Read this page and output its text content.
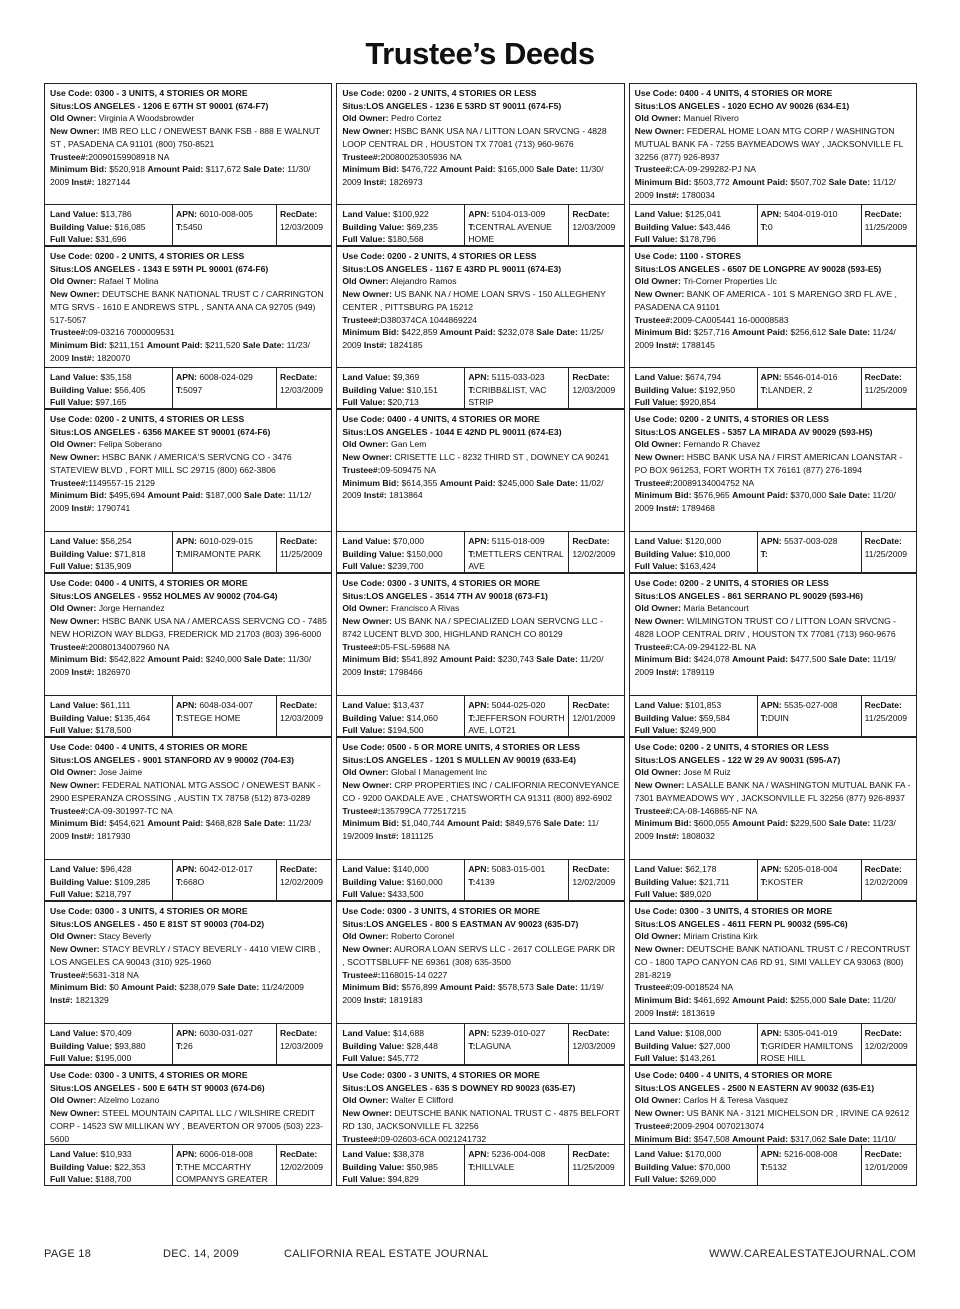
Trustee’s Deeds
Use Code: 0300 - 3 UNITS, 4 STORIES OR MORE
Situs:LOS ANGELES - 1206 E 67TH ST 90001 (674-F7)
Old Owner: Virginia A Woodsbrowder
New Owner: IMB REO LLC / ONEWEST BANK FSB - 888 E WALNUT ST , PASADENA CA 91101 (800) 750-8521
Trustee#:20090159908918 NA
Minimum Bid: $520,918 Amount Paid: $117,672 Sale Date: 11/30/ 2009 Inst#: 1827144
Land Value: $13,786
Building Value: $16,085
Full Value: $31,696
APN: 6010-008-005
T:5450
RecDate:
12/03/2009
Use Code: 0200 - 2 UNITS, 4 STORIES OR LESS
Situs:LOS ANGELES - 1343 E 59TH PL 90001 (674-F6)
Old Owner: Rafael T Molina
New Owner: DEUTSCHE BANK NATIONAL TRUST C / CARRINGTON MTG SRVS - 1610 E ANDREWS STPL , SANTA ANA CA 92705 (949) 517-5057
Trustee#:09-03216 7000009531
Minimum Bid: $211,151 Amount Paid: $211,520 Sale Date: 11/23/ 2009 Inst#: 1820070
Land Value: $35,158
Building Value: $56,405
Full Value: $97,165
APN: 6008-024-029
T:5097
RecDate:
12/03/2009
Use Code: 0200 - 2 UNITS, 4 STORIES OR LESS
Situs:LOS ANGELES - 6356 MAKEE ST 90001 (674-F6)
Old Owner: Felipa Soberano
New Owner: HSBC BANK / AMERICA'S SERVCNG CO - 3476 STATEVIEW BLVD , FORT MILL SC 29715 (800) 662-3806
Trustee#:1149557-15 2129
Minimum Bid: $495,694 Amount Paid: $187,000 Sale Date: 11/12/ 2009 Inst#: 1790741
Land Value: $56,254
Building Value: $71,818
Full Value: $135,909
APN: 6010-029-015
T:MIRAMONTE PARK
RecDate:
11/25/2009
Use Code: 0400 - 4 UNITS, 4 STORIES OR MORE
Situs:LOS ANGELES - 9552 HOLMES AV 90002 (704-G4)
Old Owner: Jorge Hernandez
New Owner: HSBC BANK USA NA / AMERCASS SERVCNG CO - 7485 NEW HORIZON WAY BLDG3, FREDERICK MD 21703 (803) 396-6000
Trustee#:20080134007960 NA
Minimum Bid: $542,822 Amount Paid: $240,000 Sale Date: 11/30/ 2009 Inst#: 1826970
Land Value: $61,111
Building Value: $135,464
Full Value: $178,500
APN: 6048-034-007
T:STEGE HOME
RecDate:
12/03/2009
Use Code: 0400 - 4 UNITS, 4 STORIES OR MORE
Situs:LOS ANGELES - 9001 STANFORD AV 9 90002 (704-E3)
Old Owner: Jose Jaime
New Owner: FEDERAL NATIONAL MTG ASSOC / ONEWEST BANK - 2900 ESPERANZA CROSSING , AUSTIN TX 78758 (512) 873-0289
Trustee#:CA-09-301997-TC NA
Minimum Bid: $454,621 Amount Paid: $468,828 Sale Date: 11/23/ 2009 Inst#: 1817930
Land Value: $96,428
Building Value: $109,285
Full Value: $218,797
APN: 6042-012-017
T:668O
RecDate:
12/02/2009
Use Code: 0300 - 3 UNITS, 4 STORIES OR MORE
Situs:LOS ANGELES - 450 E 81ST ST 90003 (704-D2)
Old Owner: Stacy Beverly
New Owner: STACY BEVRLY / STACY BEVERLY - 4410 VIEW CIRB , LOS ANGELES CA 90043 (310) 925-1960
Trustee#:5631-318 NA
Minimum Bid: $0 Amount Paid: $238,079 Sale Date: 11/24/2009 Inst#: 1821329
Land Value: $70,409
Building Value: $93,880
Full Value: $195,000
APN: 6030-031-027
T:26
RecDate:
12/03/2009
Use Code: 0300 - 3 UNITS, 4 STORIES OR MORE
Situs:LOS ANGELES - 500 E 64TH ST 90003 (674-D6)
Old Owner: Alzelmo Lozano
New Owner: STEEL MOUNTAIN CAPITAL LLC / WILSHIRE CREDIT CORP - 14523 SW MILLIKAN WY , BEAVERTON OR 97005 (503) 223-5600
Land Value: $10,933
Building Value: $22,353
Full Value: $188,700
APN: 6006-018-008
T:THE MCCARTHY COMPANYS GREATER
RecDate:
12/02/2009
Use Code: 0200 - 2 UNITS, 4 STORIES OR LESS
Situs:LOS ANGELES - 1236 E 53RD ST 90011 (674-F5)
Old Owner: Pedro Cortez
New Owner: HSBC BANK USA NA / LITTON LOAN SRVCNG - 4828 LOOP CENTRAL DR , HOUSTON TX 77081 (713) 960-9676
Trustee#:20080025305936 NA
Minimum Bid: $476,722 Amount Paid: $165,000 Sale Date: 11/30/ 2009 Inst#: 1826973
Land Value: $100,922
Building Value: $69,235
Full Value: $180,568
APN: 5104-013-009
T:CENTRAL AVENUE HOME
RecDate:
12/03/2009
Use Code: 0200 - 2 UNITS, 4 STORIES OR LESS
Situs:LOS ANGELES - 1167 E 43RD PL 90011 (674-E3)
Old Owner: Alejandro Ramos
New Owner: US BANK NA / HOME LOAN SRVS - 150 ALLEGHENY CENTER , PITTSBURG PA 15212
Trustee#:D380374CA 1044869224
Minimum Bid: $422,859 Amount Paid: $232,078 Sale Date: 11/25/ 2009 Inst#: 1824185
Land Value: $9,369
Building Value: $10,151
Full Value: $20,713
APN: 5115-033-023
T:CRIBB&LIST, VAC STRIP
RecDate:
12/03/2009
Use Code: 0400 - 4 UNITS, 4 STORIES OR MORE
Situs:LOS ANGELES - 1044 E 42ND PL 90011 (674-E3)
Old Owner: Gan Lem
New Owner: CRISETTE LLC - 8232 THIRD ST , DOWNEY CA 90241
Trustee#:09-509475 NA
Minimum Bid: $614,355 Amount Paid: $245,000 Sale Date: 11/02/ 2009 Inst#: 1813864
Land Value: $70,000
Building Value: $150,000
Full Value: $239,700
APN: 5115-018-009
T:METTLERS CENTRAL AVE
RecDate:
12/02/2009
Use Code: 0300 - 3 UNITS, 4 STORIES OR MORE
Situs:LOS ANGELES - 3514 7TH AV 90018 (673-F1)
Old Owner: Francisco A Rivas
New Owner: US BANK NA / SPECIALIZED LOAN SERVCNG LLC - 8742 LUCENT BLVD 300, HIGHLAND RANCH CO 80129
Trustee#:05-FSL-59688 NA
Minimum Bid: $541,892 Amount Paid: $230,743 Sale Date: 11/20/ 2009 Inst#: 1798466
Land Value: $13,437
Building Value: $14,060
Full Value: $194,500
APN: 5044-025-020
T:JEFFERSON FOURTH AVE, LOT21
RecDate:
12/01/2009
Use Code: 0500 - 5 OR MORE UNITS, 4 STORIES OR LESS
Situs:LOS ANGELES - 1201 S MULLEN AV 90019 (633-E4)
Old Owner: Global I Management Inc
New Owner: CRP PROPERTIES INC / CALIFORNIA RECONVEYANCE CO - 9200 OAKDALE AVE , CHATSWORTH CA 91311 (800) 892-6902
Trustee#:135799CA 772517215
Minimum Bid: $1,040,744 Amount Paid: $849,576 Sale Date: 11/ 19/2009 Inst#: 1811125
Land Value: $140,000
Building Value: $160,000
Full Value: $433,500
APN: 5083-015-001
T:4139
RecDate:
12/02/2009
Use Code: 0300 - 3 UNITS, 4 STORIES OR MORE
Situs:LOS ANGELES - 800 S EASTMAN AV 90023 (635-D7)
Old Owner: Roberto Coronel
New Owner: AURORA LOAN SERVS LLC - 2617 COLLEGE PARK DR , SCOTTSBLUFF NE 69361 (308) 635-3500
Trustee#:1168015-14 0227
Minimum Bid: $576,899 Amount Paid: $578,573 Sale Date: 11/19/ 2009 Inst#: 1819183
Land Value: $14,688
Building Value: $28,448
Full Value: $45,772
APN: 5239-010-027
T:LAGUNA
RecDate:
12/03/2009
Use Code: 0300 - 3 UNITS, 4 STORIES OR MORE
Situs:LOS ANGELES - 635 S DOWNEY RD 90023 (635-E7)
Old Owner: Walter E Clifford
New Owner: DEUTSCHE BANK NATIONAL TRUST C - 4875 BELFORT RD 130, JACKSONVILLE FL 32256
Trustee#:09-02603-6CA 0021241732
Land Value: $38,378
Building Value: $50,985
Full Value: $94,829
APN: 5236-004-008
T:HILLVALE
RecDate:
11/25/2009
Use Code: 0400 - 4 UNITS, 4 STORIES OR MORE
Situs:LOS ANGELES - 1020 ECHO AV 90026 (634-E1)
Old Owner: Manuel Rivero
New Owner: FEDERAL HOME LOAN MTG CORP / WASHINGTON MUTUAL BANK FA - 7255 BAYMEADOWS WAY , JACKSONVILLE FL 32256 (877) 926-8937
Trustee#:CA-09-299282-PJ NA
Minimum Bid: $503,772 Amount Paid: $507,702 Sale Date: 11/12/ 2009 Inst#: 1780034
Land Value: $125,041
Building Value: $43,446
Full Value: $178,796
APN: 5404-019-010
T:0
RecDate:
11/25/2009
Use Code: 1100 - STORES
Situs:LOS ANGELES - 6507 DE LONGPRE AV 90028 (593-E5)
Old Owner: Tri-Corner Properties Llc
New Owner: BANK OF AMERICA - 101 S MARENGO 3RD FL AVE , PASADENA CA 91101
Trustee#:2009-CA005441 16-00008583
Minimum Bid: $257,716 Amount Paid: $256,612 Sale Date: 11/24/ 2009 Inst#: 1788145
Land Value: $674,794
Building Value: $192,950
Full Value: $920,854
APN: 5546-014-016
T:LANDER, 2
RecDate:
11/25/2009
Use Code: 0200 - 2 UNITS, 4 STORIES OR LESS
Situs:LOS ANGELES - 5357 LA MIRADA AV 90029 (593-H5)
Old Owner: Fernando R Chavez
New Owner: HSBC BANK USA NA / FIRST AMERICAN LOANSTAR - PO BOX 961253, FORT WORTH TX 76161 (877) 276-1894
Trustee#:20089134004752 NA
Minimum Bid: $576,965 Amount Paid: $370,000 Sale Date: 11/20/ 2009 Inst#: 1789468
Land Value: $120,000
Building Value: $10,000
Full Value: $163,424
APN: 5537-003-028
T:
RecDate:
11/25/2009
Use Code: 0200 - 2 UNITS, 4 STORIES OR LESS
Situs:LOS ANGELES - 861 SERRANO PL 90029 (593-H6)
Old Owner: Maria Betancourt
New Owner: WILMINGTON TRUST CO / LITTON LOAN SRVCNG - 4828 LOOP CENTRAL DRIV , HOUSTON TX 77081 (713) 960-9676
Trustee#:CA-09-294122-BL NA
Minimum Bid: $424,078 Amount Paid: $477,500 Sale Date: 11/19/ 2009 Inst#: 1789119
Land Value: $101,853
Building Value: $59,584
Full Value: $249,900
APN: 5535-027-008
T:DUIN
RecDate:
11/25/2009
Use Code: 0200 - 2 UNITS, 4 STORIES OR LESS
Situs:LOS ANGELES - 122 W 29 AV 90031 (595-A7)
Old Owner: Jose M Ruiz
New Owner: LASALLE BANK NA / WASHINGTON MUTUAL BANK FA - 7301 BAYMEADOWS WY , JACKSONVILLE FL 32256 (877) 926-8937
Trustee#:CA-08-146865-NF NA
Minimum Bid: $600,055 Amount Paid: $229,500 Sale Date: 11/23/ 2009 Inst#: 1808032
Land Value: $62,178
Building Value: $21,711
Full Value: $89,020
APN: 5205-018-004
T:KOSTER
RecDate:
12/02/2009
Use Code: 0300 - 3 UNITS, 4 STORIES OR MORE
Situs:LOS ANGELES - 4611 FERN PL 90032 (595-C6)
Old Owner: Miriam Cristina Kirk
New Owner: DEUTSCHE BANK NATIOANL TRUST C / RECONTRUST CO - 1800 TAPO CANYON CA6 RD 91, SIMI VALLEY CA 93063 (800) 281-8219
Trustee#:09-0018524 NA
Minimum Bid: $461,692 Amount Paid: $255,000 Sale Date: 11/20/ 2009 Inst#: 1813619
Land Value: $108,000
Building Value: $27,000
Full Value: $143,261
APN: 5305-041-019
T:GRIDER HAMILTONS ROSE HILL
RecDate:
12/02/2009
Use Code: 0400 - 4 UNITS, 4 STORIES OR MORE
Situs:LOS ANGELES - 2500 N EASTERN AV 90032 (635-E1)
Old Owner: Carlos H & Teresa Vasquez
New Owner: US BANK NA - 3121 MICHELSON DR , IRVINE CA 92612
Trustee#:2009-2904 0070213074
Minimum Bid: $547,508 Amount Paid: $317,062 Sale Date: 11/10/
Land Value: $170,000
Building Value: $70,000
Full Value: $269,000
APN: 5216-008-008
T:5132
RecDate:
12/01/2009
PAGE 18	DEC. 14, 2009	CALIFORNIA REAL ESTATE JOURNAL	WWW.CAREALESTATEJOURNAL.COM
